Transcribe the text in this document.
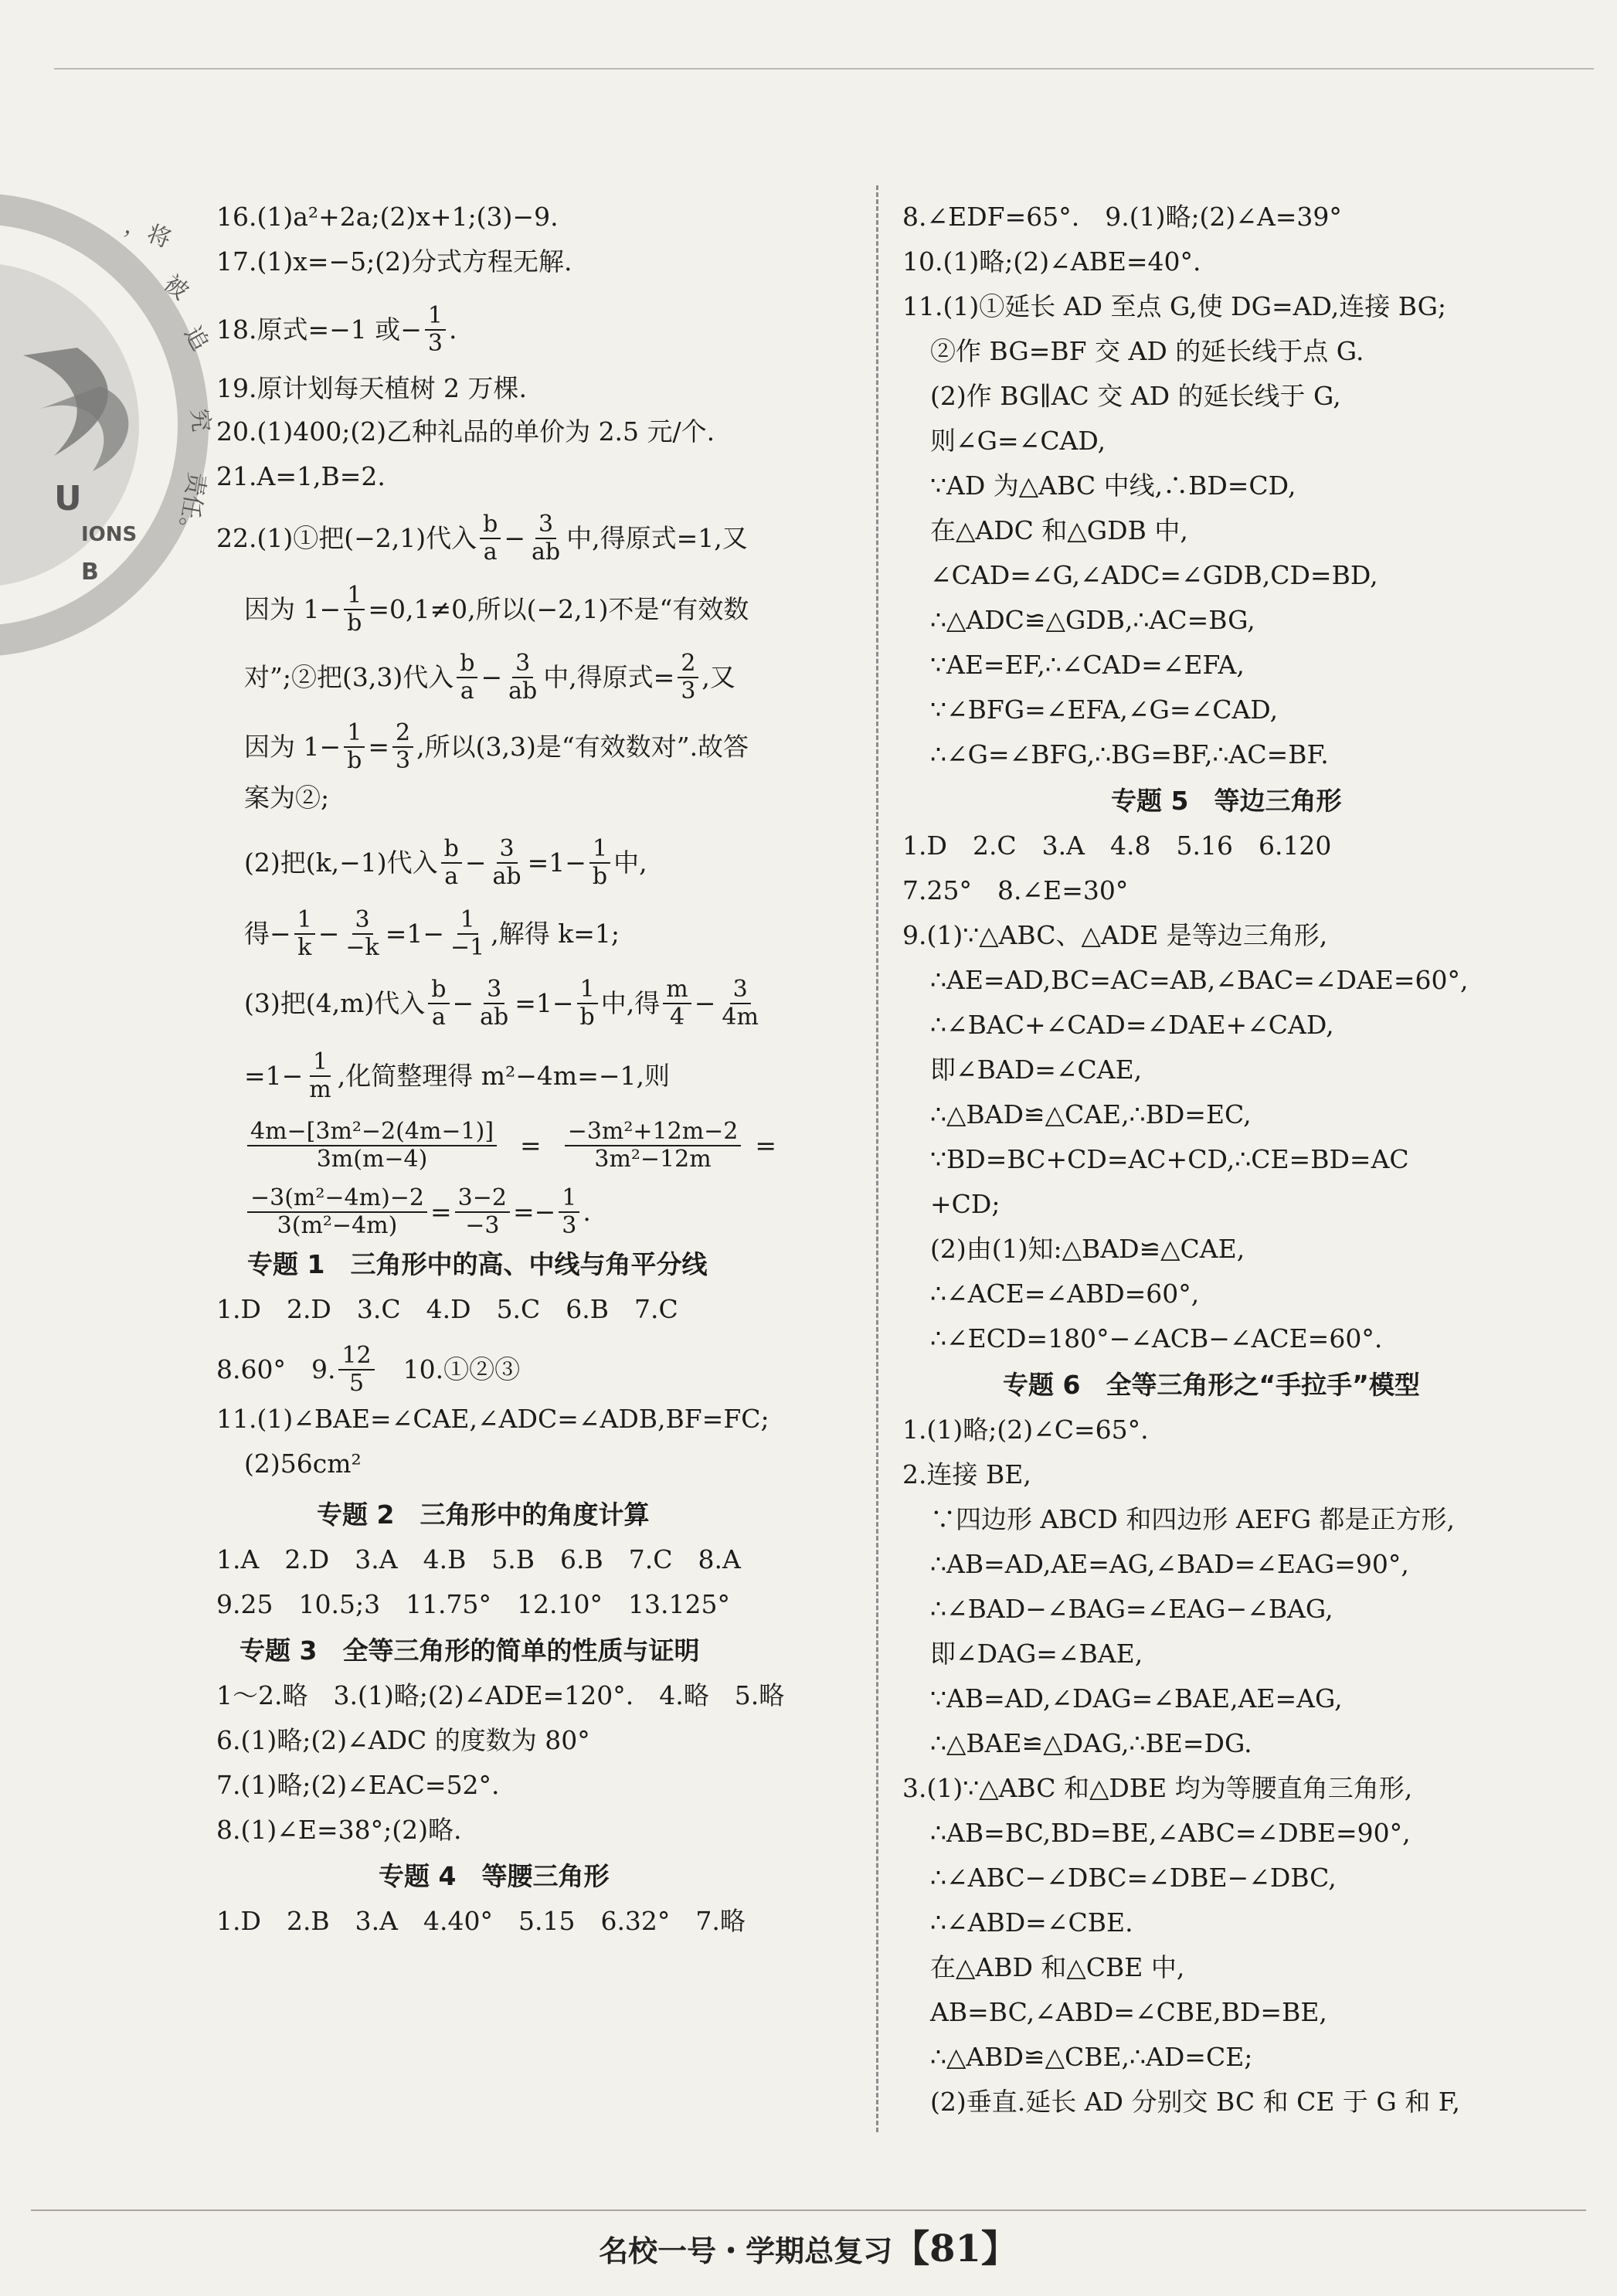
，将
被
追
究
责任。
U
IONS
B
16.(1)a²+2a;(2)x+1;(3)−9.
17.(1)x=−5;(2)分式方程无解.
18.原式=−1 或− $\frac{1}{3}$ .
19.原计划每天植树 2 万棵.
20.(1)400;(2)乙种礼品的单价为 2.5 元/个.
21.A=1,B=2.
22.(1)①把(−2,1)代入 $\frac{b}{a} - \frac{3}{ab}$ 中,得原式=1,又
因为 $1- \frac{1}{b} =0,1\ne 0$,所以(−2,1)不是“有效数
对”;②把(3,3)代入 $\frac{b}{a} - \frac{3}{ab}$ 中,得原式= $\frac{2}{3}$ ,又
因为 $1- \frac{1}{b} = \frac{2}{3}$ ,所以(3,3)是“有效数对”.故答
案为②;
(2)把(k,−1)代入 $\frac{b}{a} - \frac{3}{ab} =1- \frac{1}{b}$ 中,
得− $\frac{1}{k} - \frac{3}{-k} =1- \frac{1}{-1}$ ,解得 k=1;
(3)把(4,m)代入 $\frac{b}{a} - \frac{3}{ab} =1- \frac{1}{b}$ 中,得 $\frac{m}{4} - \frac{3}{4m}$
$=1- \frac{1}{m}$ ,化简整理得 m²−4m=−1,则
$\frac{\text{4m−[3m²−2(4m−1)]}}{3m(m-4)} = \frac{\text{−3m²+12m−2}}{\text{3m²−12m}}$ =
$\frac{\text{−3(m²−4m)−2}}{\text{3(m²−4m)}} = \frac{3-2}{-3} =- \frac{1}{3}$ .
专题 1　三角形中的高、中线与角平分线
1.D　2.D　3.C　4.D　5.C　6.B　7.C
8.60°　9. $\frac{12}{5}$ 　10.①②③
11.(1)∠BAE=∠CAE,∠ADC=∠ADB,BF=FC;
(2)56cm²
专题 2　三角形中的角度计算
1.A　2.D　3.A　4.B　5.B　6.B　7.C　8.A
9.25　10.5;3　11.75°　12.10°　13.125°
专题 3　全等三角形的简单的性质与证明
1～2.略　3.(1)略;(2)∠ADE=120°.　4.略　5.略
6.(1)略;(2)∠ADC 的度数为 80°
7.(1)略;(2)∠EAC=52°.
8.(1)∠E=38°;(2)略.
专题 4　等腰三角形
1.D　2.B　3.A　4.40°　5.15　6.32°　7.略
8.∠EDF=65°.　9.(1)略;(2)∠A=39°
10.(1)略;(2)∠ABE=40°.
11.(1)①延长 AD 至点 G,使 DG=AD,连接 BG;
②作 BG=BF 交 AD 的延长线于点 G.
(2)作 BG∥AC 交 AD 的延长线于 G,
则∠G=∠CAD,
∵AD 为△ABC 中线,∴BD=CD,
在△ADC 和△GDB 中,
∠CAD=∠G,∠ADC=∠GDB,CD=BD,
∴△ADC≌△GDB,∴AC=BG,
∵AE=EF,∴∠CAD=∠EFA,
∵∠BFG=∠EFA,∠G=∠CAD,
∴∠G=∠BFG,∴BG=BF,∴AC=BF.
专题 5　等边三角形
1.D　2.C　3.A　4.8　5.16　6.120
7.25°　8.∠E=30°
9.(1)∵△ABC、△ADE 是等边三角形,
∴AE=AD,BC=AC=AB,∠BAC=∠DAE=60°,
∴∠BAC+∠CAD=∠DAE+∠CAD,
即∠BAD=∠CAE,
∴△BAD≌△CAE,∴BD=EC,
∵BD=BC+CD=AC+CD,∴CE=BD=AC
+CD;
(2)由(1)知:△BAD≌△CAE,
∴∠ACE=∠ABD=60°,
∴∠ECD=180°−∠ACB−∠ACE=60°.
专题 6　全等三角形之“手拉手”模型
1.(1)略;(2)∠C=65°.
2.连接 BE,
∵四边形 ABCD 和四边形 AEFG 都是正方形,
∴AB=AD,AE=AG,∠BAD=∠EAG=90°,
∴∠BAD−∠BAG=∠EAG−∠BAG,
即∠DAG=∠BAE,
∵AB=AD,∠DAG=∠BAE,AE=AG,
∴△BAE≌△DAG,∴BE=DG.
3.(1)∵△ABC 和△DBE 均为等腰直角三角形,
∴AB=BC,BD=BE,∠ABC=∠DBE=90°,
∴∠ABC−∠DBC=∠DBE−∠DBC,
∴∠ABD=∠CBE.
在△ABD 和△CBE 中,
AB=BC,∠ABD=∠CBE,BD=BE,
∴△ABD≌△CBE,∴AD=CE;
(2)垂直.延长 AD 分别交 BC 和 CE 于 G 和 F,
名校一号・学期总复习【81】
